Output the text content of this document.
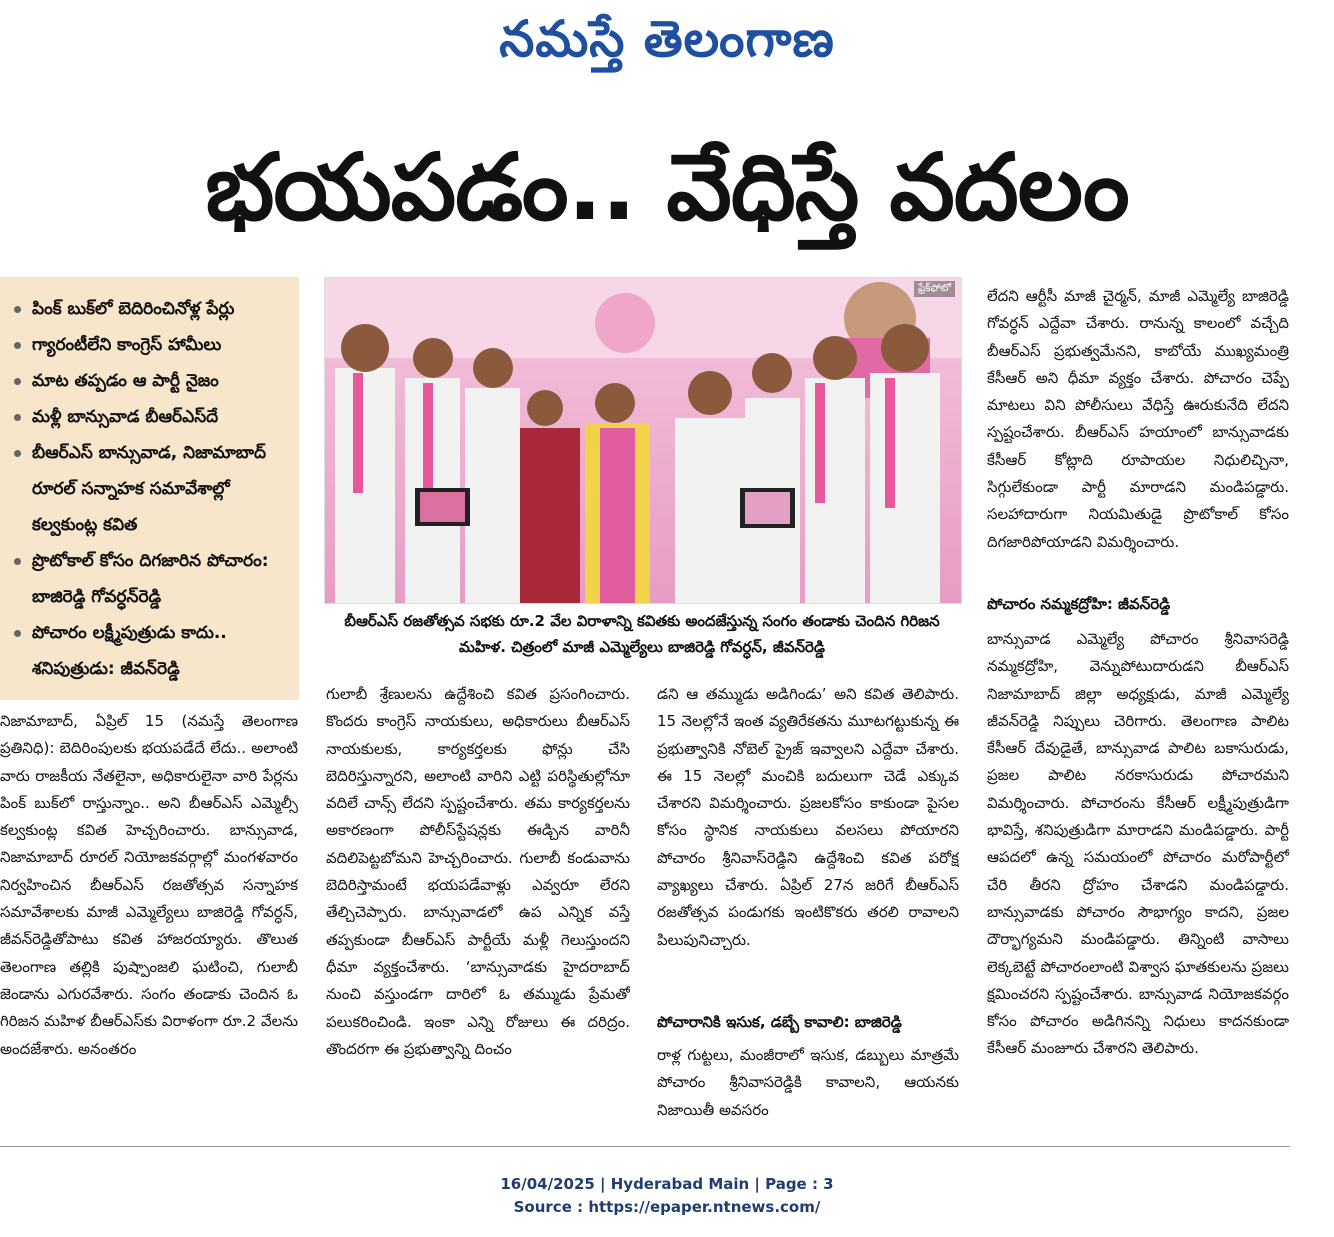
నమస్తే తెలంగాణ
భయపడం.. వేధిస్తే వదలం
పింక్ బుక్‌లో బెదిరించినోళ్ల పేర్లు
గ్యారంటీలేని కాంగ్రెస్ హామీలు
మాట తప్పడం ఆ పార్టీ నైజం
మళ్లీ బాన్సువాడ బీఆర్‌ఎస్‌దే
బీఆర్‌ఎస్ బాన్సువాడ, నిజామాబాద్ రూరల్ సన్నాహక సమావేశాల్లో కల్వకుంట్ల కవిత
ప్రొటోకాల్ కోసం దిగజారిన పోచారం: బాజిరెడ్డి గోవర్ధన్‌రెడ్డి
పోచారం లక్ష్మీపుత్రుడు కాదు.. శనిపుత్రుడు: జీవన్‌రెడ్డి
ఫ్రేక్‌ఫోటో
బీఆర్‌ఎస్ రజతోత్సవ సభకు రూ.2 వేల విరాళాన్ని కవితకు అందజేస్తున్న సంగం తండాకు చెందిన గిరిజన మహిళ. చిత్రంలో మాజీ ఎమ్మెల్యేలు బాజిరెడ్డి గోవర్ధన్, జీవన్‌రెడ్డి

నిజామాబాద్, ఏప్రిల్ 15 (నమస్తే తెలంగాణ ప్రతినిధి): బెదిరింపులకు భయపడేదే లేదు.. అలాంటి వారు రాజకీయ నేతలైనా, అధికారులైనా వారి పేర్లను పింక్ బుక్‌లో రాస్తున్నాం.. అని బీఆర్‌ఎస్ ఎమ్మెల్సీ కల్వకుంట్ల కవిత హెచ్చరించారు. బాన్సువాడ, నిజామాబాద్ రూరల్ నియోజకవర్గాల్లో మంగళవారం నిర్వహించిన బీఆర్‌ఎస్ రజతోత్సవ సన్నాహక సమావేశాలకు మాజీ ఎమ్మెల్యేలు బాజిరెడ్డి గోవర్ధన్, జీవన్‌రెడ్డితోపాటు కవిత హాజరయ్యారు. తొలుత తెలంగాణ తల్లికి పుష్పాంజలి ఘటించి, గులాబీ జెండాను ఎగురవేశారు. సంగం తండాకు చెందిన ఓ గిరిజన మహిళ బీఆర్‌ఎస్‌కు విరాళంగా రూ.2 వేలను అందజేశారు. అనంతరం

గులాబీ శ్రేణులను ఉద్దేశించి కవిత ప్రసంగించారు. కొందరు కాంగ్రెస్ నాయకులు, అధికారులు బీఆర్‌ఎస్ నాయకులకు, కార్యకర్తలకు ఫోన్లు చేసి బెదిరిస్తున్నారని, అలాంటి వారిని ఎట్టి పరిస్థితుల్లోనూ వదిలే చాన్స్ లేదని స్పష్టంచేశారు. తమ కార్యకర్తలను అకారణంగా పోలీస్‌స్టేషన్లకు ఈడ్చిన వారినీ వదిలిపెట్టబోమని హెచ్చరించారు. గులాబీ కండువాను బెదిరిస్తామంటే భయపడేవాళ్లు ఎవ్వరూ లేరని తేల్చిచెప్పారు. బాన్సువాడలో ఉప ఎన్నిక వస్తే తప్పకుండా బీఆర్‌ఎస్ పార్టీయే మళ్లీ గెలుస్తుందని ధీమా వ్యక్తంచేశారు. ‘బాన్సువాడకు హైదరాబాద్ నుంచి వస్తుండగా దారిలో ఓ తమ్ముడు ప్రేమతో పలుకరించిండి. ఇంకా ఎన్ని రోజులు ఈ దరిద్రం. తొందరగా ఈ ప్రభుత్వాన్ని దించం

డని ఆ తమ్ముడు అడిగిండు’ అని కవిత తెలిపారు. 15 నెలల్లోనే ఇంత వ్యతిరేకతను మూటగట్టుకున్న ఈ ప్రభుత్వానికి నోబెల్ ప్రైజ్ ఇవ్వాలని ఎద్దేవా చేశారు. ఈ 15 నెలల్లో మంచికి బదులుగా చెడే ఎక్కువ చేశారని విమర్శించారు. ప్రజలకోసం కాకుండా పైసల కోసం స్థానిక నాయకులు వలసలు పోయారని పోచారం శ్రీనివాస్‌రెడ్డిని ఉద్దేశించి కవిత పరోక్ష వ్యాఖ్యలు చేశారు. ఏప్రిల్ 27న జరిగే బీఆర్‌ఎస్ రజతోత్సవ పండుగకు ఇంటికొకరు తరలి రావాలని పిలుపునిచ్చారు.

పోచారానికి ఇసుక, డబ్బే కావాలి: బాజిరెడ్డి

రాళ్ల గుట్టలు, మంజీరాలో ఇసుక, డబ్బులు మాత్రమే పోచారం శ్రీనివాసరెడ్డికి కావాలని, ఆయనకు నిజాయితీ అవసరం

లేదని ఆర్టీసీ మాజీ చైర్మన్, మాజీ ఎమ్మెల్యే బాజిరెడ్డి గోవర్ధన్ ఎద్దేవా చేశారు. రానున్న కాలంలో వచ్చేది బీఆర్‌ఎస్ ప్రభుత్వమేనని, కాబోయే ముఖ్యమంత్రి కేసీఆర్ అని ధీమా వ్యక్తం చేశారు. పోచారం చెప్పే మాటలు విని పోలీసులు వేధిస్తే ఊరుకునేది లేదని స్పష్టంచేశారు. బీఆర్‌ఎస్ హయాంలో బాన్సువాడకు కేసీఆర్ కోట్లాది రూపాయల నిధులిచ్చినా, సిగ్గులేకుండా పార్టీ మారాడని మండిపడ్డారు. సలహాదారుగా నియమితుడై ప్రొటోకాల్ కోసం దిగజారిపోయాడని విమర్శించారు.

పోచారం నమ్మకద్రోహి: జీవన్‌రెడ్డి

బాన్సువాడ ఎమ్మెల్యే పోచారం శ్రీనివాసరెడ్డి నమ్మకద్రోహి, వెన్నుపోటుదారుడని బీఆర్‌ఎస్ నిజామాబాద్ జిల్లా అధ్యక్షుడు, మాజీ ఎమ్మెల్యే జీవన్‌రెడ్డి నిప్పులు చెరిగారు. తెలంగాణ పాలిట కేసీఆర్ దేవుడైతే, బాన్సువాడ పాలిట బకాసురుడు, ప్రజల పాలిట నరకాసురుడు పోచారమని విమర్శించారు. పోచారంను కేసీఆర్ లక్ష్మీపుత్రుడిగా భావిస్తే, శనిపుత్రుడిగా మారాడని మండిపడ్డారు. పార్టీ ఆపదలో ఉన్న సమయంలో పోచారం మరోపార్టీలో చేరి తీరని ద్రోహం చేశాడని మండిపడ్డారు. బాన్సువాడకు పోచారం సౌభాగ్యం కాదని, ప్రజల దౌర్భాగ్యమని మండిపడ్డారు. తిన్నింటి వాసాలు లెక్కబెట్టే పోచారంలాంటి విశ్వాస ఘాతకులను ప్రజలు క్షమించరని స్పష్టంచేశారు. బాన్సువాడ నియోజకవర్గం కోసం పోచారం అడిగినన్ని నిధులు కాదనకుండా కేసీఆర్ మంజూరు చేశారని తెలిపారు.

16/04/2025 | Hyderabad Main | Page : 3
Source : https://epaper.ntnews.com/
